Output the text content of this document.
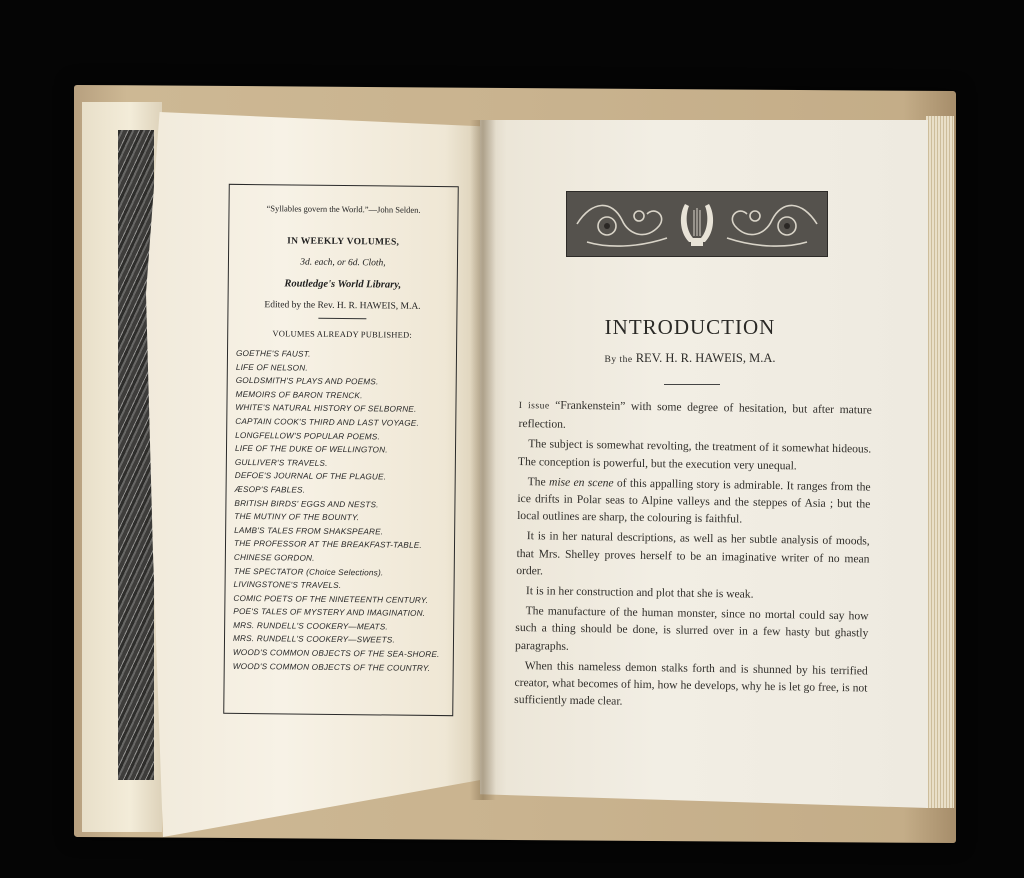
“Syllables govern the World.”—John Selden.
IN WEEKLY VOLUMES,
3d. each, or 6d. Cloth,
Routledge's World Library,
Edited by the Rev. H. R. HAWEIS, M.A.
VOLUMES ALREADY PUBLISHED:
GOETHE'S FAUST.
LIFE OF NELSON.
GOLDSMITH'S PLAYS AND POEMS.
MEMOIRS OF BARON TRENCK.
WHITE'S NATURAL HISTORY OF SELBORNE.
CAPTAIN COOK'S THIRD AND LAST VOYAGE.
LONGFELLOW'S POPULAR POEMS.
LIFE OF THE DUKE OF WELLINGTON.
GULLIVER'S TRAVELS.
DEFOE'S JOURNAL OF THE PLAGUE.
ÆSOP'S FABLES.
BRITISH BIRDS' EGGS AND NESTS.
THE MUTINY OF THE BOUNTY.
LAMB'S TALES FROM SHAKSPEARE.
THE PROFESSOR AT THE BREAKFAST-TABLE.
CHINESE GORDON.
THE SPECTATOR (Choice Selections).
LIVINGSTONE'S TRAVELS.
COMIC POETS OF THE NINETEENTH CENTURY.
POE'S TALES OF MYSTERY AND IMAGINATION.
MRS. RUNDELL'S COOKERY—MEATS.
MRS. RUNDELL'S COOKERY—SWEETS.
WOOD'S COMMON OBJECTS OF THE SEA-SHORE.
WOOD'S COMMON OBJECTS OF THE COUNTRY.
INTRODUCTION
By the REV. H. R. HAWEIS, M.A.

I issue “Frankenstein” with some degree of hesitation, but after mature reflection.

The subject is somewhat revolting, the treatment of it somewhat hideous. The conception is powerful, but the execution very unequal.

The mise en scene of this appalling story is admirable. It ranges from the ice drifts in Polar seas to Alpine valleys and the steppes of Asia ; but the local outlines are sharp, the colouring is faithful.

It is in her natural descriptions, as well as her subtle analysis of moods, that Mrs. Shelley proves herself to be an imaginative writer of no mean order.

It is in her construction and plot that she is weak.

The manufacture of the human monster, since no mortal could say how such a thing should be done, is slurred over in a few hasty but ghastly paragraphs.

When this nameless demon stalks forth and is shunned by his terrified creator, what becomes of him, how he develops, why he is let go free, is not sufficiently made clear.
